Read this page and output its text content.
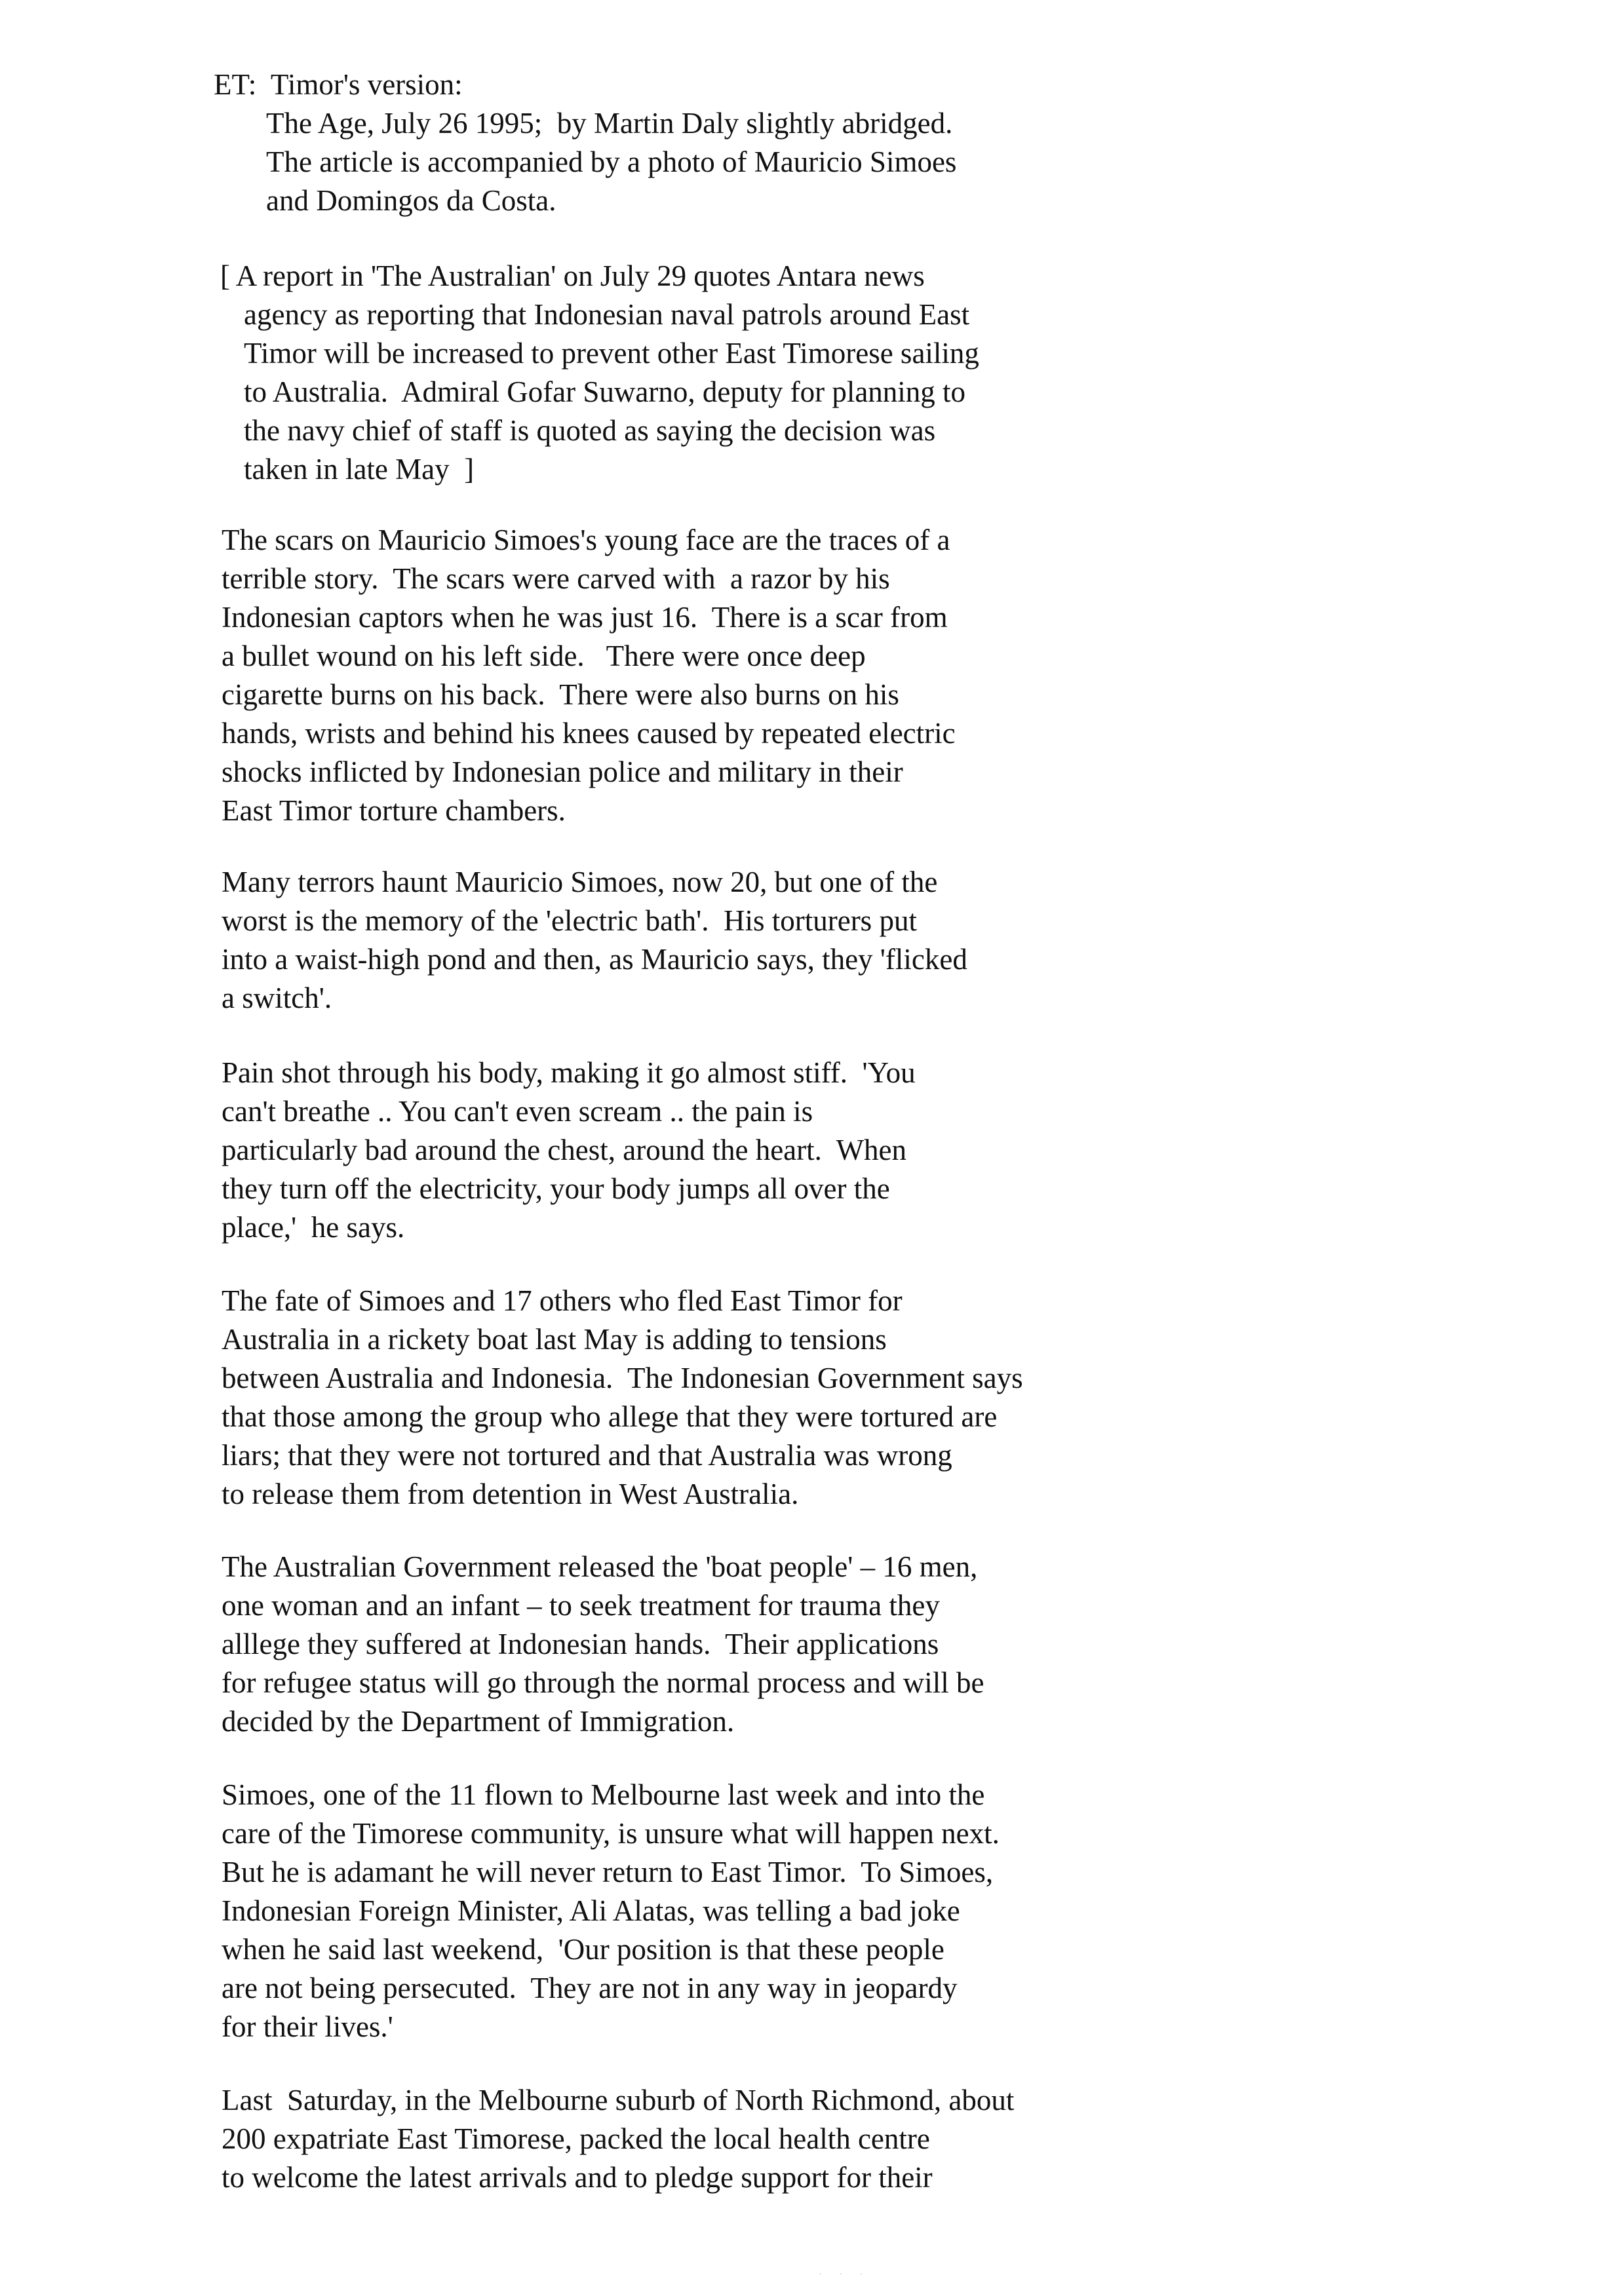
ET:  Timor's version:
The Age, July 26 1995;  by Martin Daly slightly abridged.
The article is accompanied by a photo of Mauricio Simoes
and Domingos da Costa.
[ A report in 'The Australian' on July 29 quotes Antara news
agency as reporting that Indonesian naval patrols around East
Timor will be increased to prevent other East Timorese sailing
to Australia.  Admiral Gofar Suwarno, deputy for planning to
the navy chief of staff is quoted as saying the decision was
taken in late May  ]
The scars on Mauricio Simoes's young face are the traces of a
terrible story.  The scars were carved with  a razor by his
Indonesian captors when he was just 16.  There is a scar from
a bullet wound on his left side.   There were once deep
cigarette burns on his back.  There were also burns on his
hands, wrists and behind his knees caused by repeated electric
shocks inflicted by Indonesian police and military in their
East Timor torture chambers.
Many terrors haunt Mauricio Simoes, now 20, but one of the
worst is the memory of the 'electric bath'.  His torturers put
into a waist-high pond and then, as Mauricio says, they 'flicked
a switch'.
Pain shot through his body, making it go almost stiff.  'You
can't breathe .. You can't even scream .. the pain is
particularly bad around the chest, around the heart.  When
they turn off the electricity, your body jumps all over the
place,'  he says.
The fate of Simoes and 17 others who fled East Timor for
Australia in a rickety boat last May is adding to tensions
between Australia and Indonesia.  The Indonesian Government says
that those among the group who allege that they were tortured are
liars; that they were not tortured and that Australia was wrong
to release them from detention in West Australia.
The Australian Government released the 'boat people' – 16 men,
one woman and an infant – to seek treatment for trauma they
alllege they suffered at Indonesian hands.  Their applications
for refugee status will go through the normal process and will be
decided by the Department of Immigration.
Simoes, one of the 11 flown to Melbourne last week and into the
care of the Timorese community, is unsure what will happen next.
But he is adamant he will never return to East Timor.  To Simoes,
Indonesian Foreign Minister, Ali Alatas, was telling a bad joke
when he said last weekend,  'Our position is that these people
are not being persecuted.  They are not in any way in jeopardy
for their lives.'
Last  Saturday, in the Melbourne suburb of North Richmond, about
200 expatriate East Timorese, packed the local health centre
to welcome the latest arrivals and to pledge support for their
. . .
